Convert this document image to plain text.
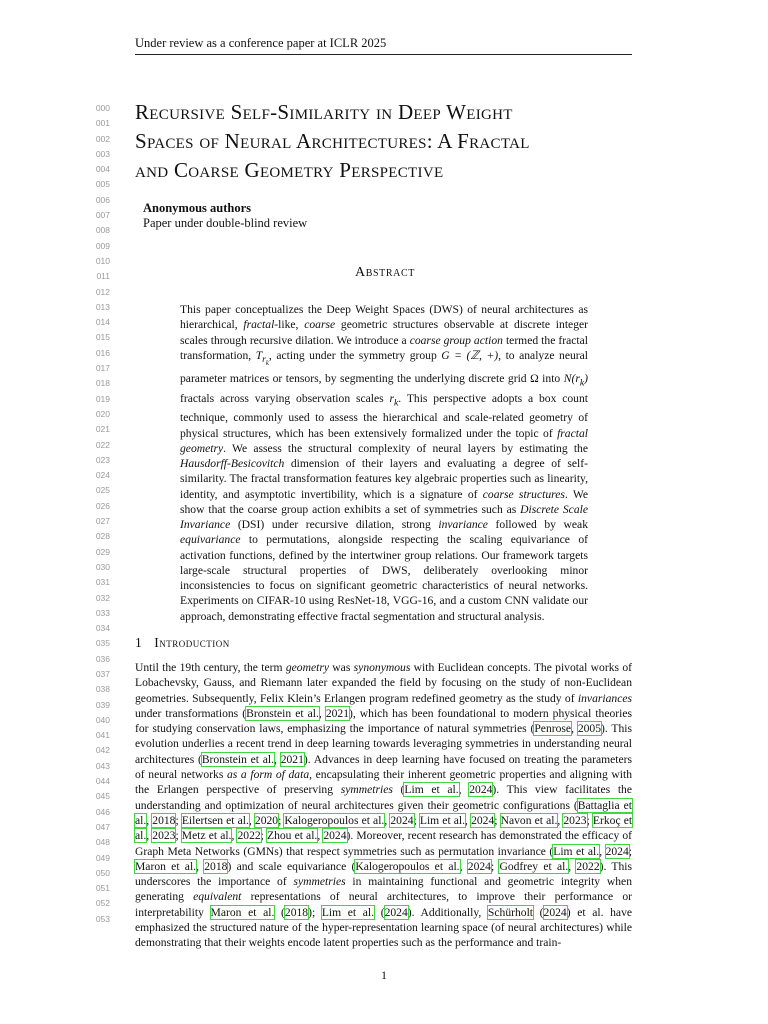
Under review as a conference paper at ICLR 2025
000
001
002
003
004
005
006
007
008
009
010
011
012
013
014
015
016
017
018
019
020
021
022
023
024
025
026
027
028
029
030
031
032
033
034
035
036
037
038
039
040
041
042
043
044
045
046
047
048
049
050
051
052
053
Recursive Self-Similarity in Deep Weight
Spaces of Neural Architectures: A Fractal
and Coarse Geometry Perspective
Anonymous authors
Paper under double-blind review
Abstract

This paper conceptualizes the Deep Weight Spaces (DWS) of neural architectures as hierarchical, fractal-like, coarse geometric structures observable at discrete integer scales through recursive dilation. We introduce a coarse group action termed the fractal transformation, $T_{r_k}$, acting under the symmetry group G = (ℤ, +), to analyze neural parameter matrices or tensors, by segmenting the underlying discrete grid Ω into $N(r_k)$ fractals across varying observation scales $r_k$. This perspective adopts a box count technique, commonly used to assess the hierarchical and scale-related geometry of physical structures, which has been extensively formalized under the topic of fractal geometry. We assess the structural complexity of neural layers by estimating the Hausdorff-Besicovitch dimension of their layers and evaluating a degree of self-similarity. The fractal transformation features key algebraic properties such as linearity, identity, and asymptotic invertibility, which is a signature of coarse structures. We show that the coarse group action exhibits a set of symmetries such as Discrete Scale Invariance (DSI) under recursive dilation, strong invariance followed by weak equivariance to permutations, alongside respecting the scaling equivariance of activation functions, defined by the intertwiner group relations. Our framework targets large-scale structural properties of DWS, deliberately overlooking minor inconsistencies to focus on significant geometric characteristics of neural networks. Experiments on CIFAR-10 using ResNet-18, VGG-16, and a custom CNN validate our approach, demonstrating effective fractal segmentation and structural analysis.

1 Introduction

Until the 19th century, the term geometry was synonymous with Euclidean concepts. The pivotal works of Lobachevsky, Gauss, and Riemann later expanded the field by focusing on the study of non-Euclidean geometries. Subsequently, Felix Klein’s Erlangen program redefined geometry as the study of invariances under transformations (Bronstein et al., 2021), which has been foundational to modern physical theories for studying conservation laws, emphasizing the importance of natural symmetries (Penrose, 2005). This evolution underlies a recent trend in deep learning towards leveraging symmetries in understanding neural architectures (Bronstein et al., 2021). Advances in deep learning have focused on treating the parameters of neural networks as a form of data, encapsulating their inherent geometric properties and aligning with the Erlangen perspective of preserving symmetries (Lim et al., 2024). This view facilitates the understanding and optimization of neural architectures given their geometric configurations (Battaglia et al., 2018; Eilertsen et al., 2020; Kalogeropoulos et al., 2024; Lim et al., 2024; Navon et al., 2023; Erkoç et al., 2023; Metz et al., 2022; Zhou et al., 2024). Moreover, recent research has demonstrated the efficacy of Graph Meta Networks (GMNs) that respect symmetries such as permutation invariance (Lim et al., 2024; Maron et al., 2018) and scale equivariance (Kalogeropoulos et al., 2024; Godfrey et al., 2022). This underscores the importance of symmetries in maintaining functional and geometric integrity when generating equivalent representations of neural architectures, to improve their performance or interpretability Maron et al. (2018); Lim et al. (2024). Additionally, Schürholt (2024) et al. have emphasized the structured nature of the hyper-representation learning space (of neural architectures) while demonstrating that their weights encode latent properties such as the performance and train-

1
